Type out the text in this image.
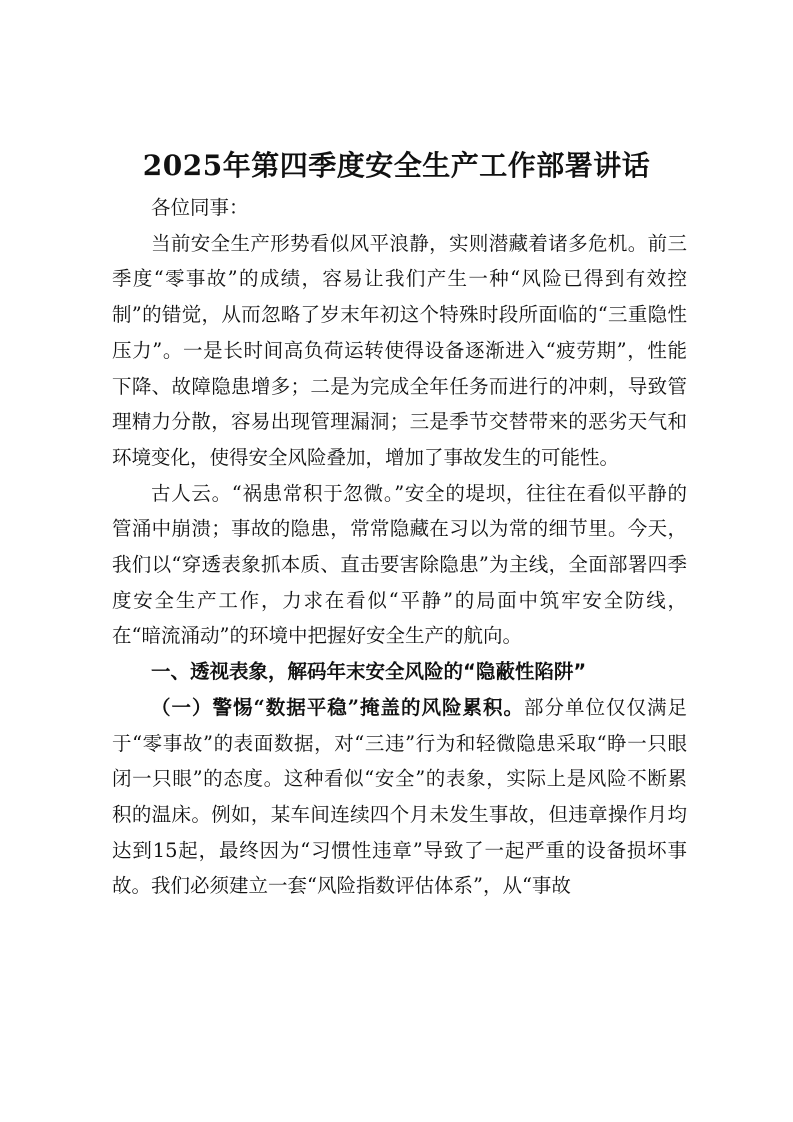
2025年第四季度安全生产工作部署讲话

各位同事：

当前安全生产形势看似风平浪静，实则潜藏着诸多危机。前三季度“零事故”的成绩，容易让我们产生一种“风险已得到有效控制”的错觉，从而忽略了岁末年初这个特殊时段所面临的“三重隐性压力”。一是长时间高负荷运转使得设备逐渐进入“疲劳期”，性能下降、故障隐患增多；二是为完成全年任务而进行的冲刺，导致管理精力分散，容易出现管理漏洞；三是季节交替带来的恶劣天气和环境变化，使得安全风险叠加，增加了事故发生的可能性。

古人云。“祸患常积于忽微。”安全的堤坝，往往在看似平静的管涌中崩溃；事故的隐患，常常隐藏在习以为常的细节里。今天，我们以“穿透表象抓本质、直击要害除隐患”为主线，全面部署四季度安全生产工作，力求在看似“平静”的局面中筑牢安全防线，在“暗流涌动”的环境中把握好安全生产的航向。

一、透视表象，解码年末安全风险的“隐蔽性陷阱”

（一）警惕“数据平稳”掩盖的风险累积。部分单位仅仅满足于“零事故”的表面数据，对“三违”行为和轻微隐患采取“睁一只眼闭一只眼”的态度。这种看似“安全”的表象，实际上是风险不断累积的温床。例如，某车间连续四个月未发生事故，但违章操作月均达到15起，最终因为“习惯性违章”导致了一起严重的设备损坏事故。我们必须建立一套“风险指数评估体系”，从“事故
